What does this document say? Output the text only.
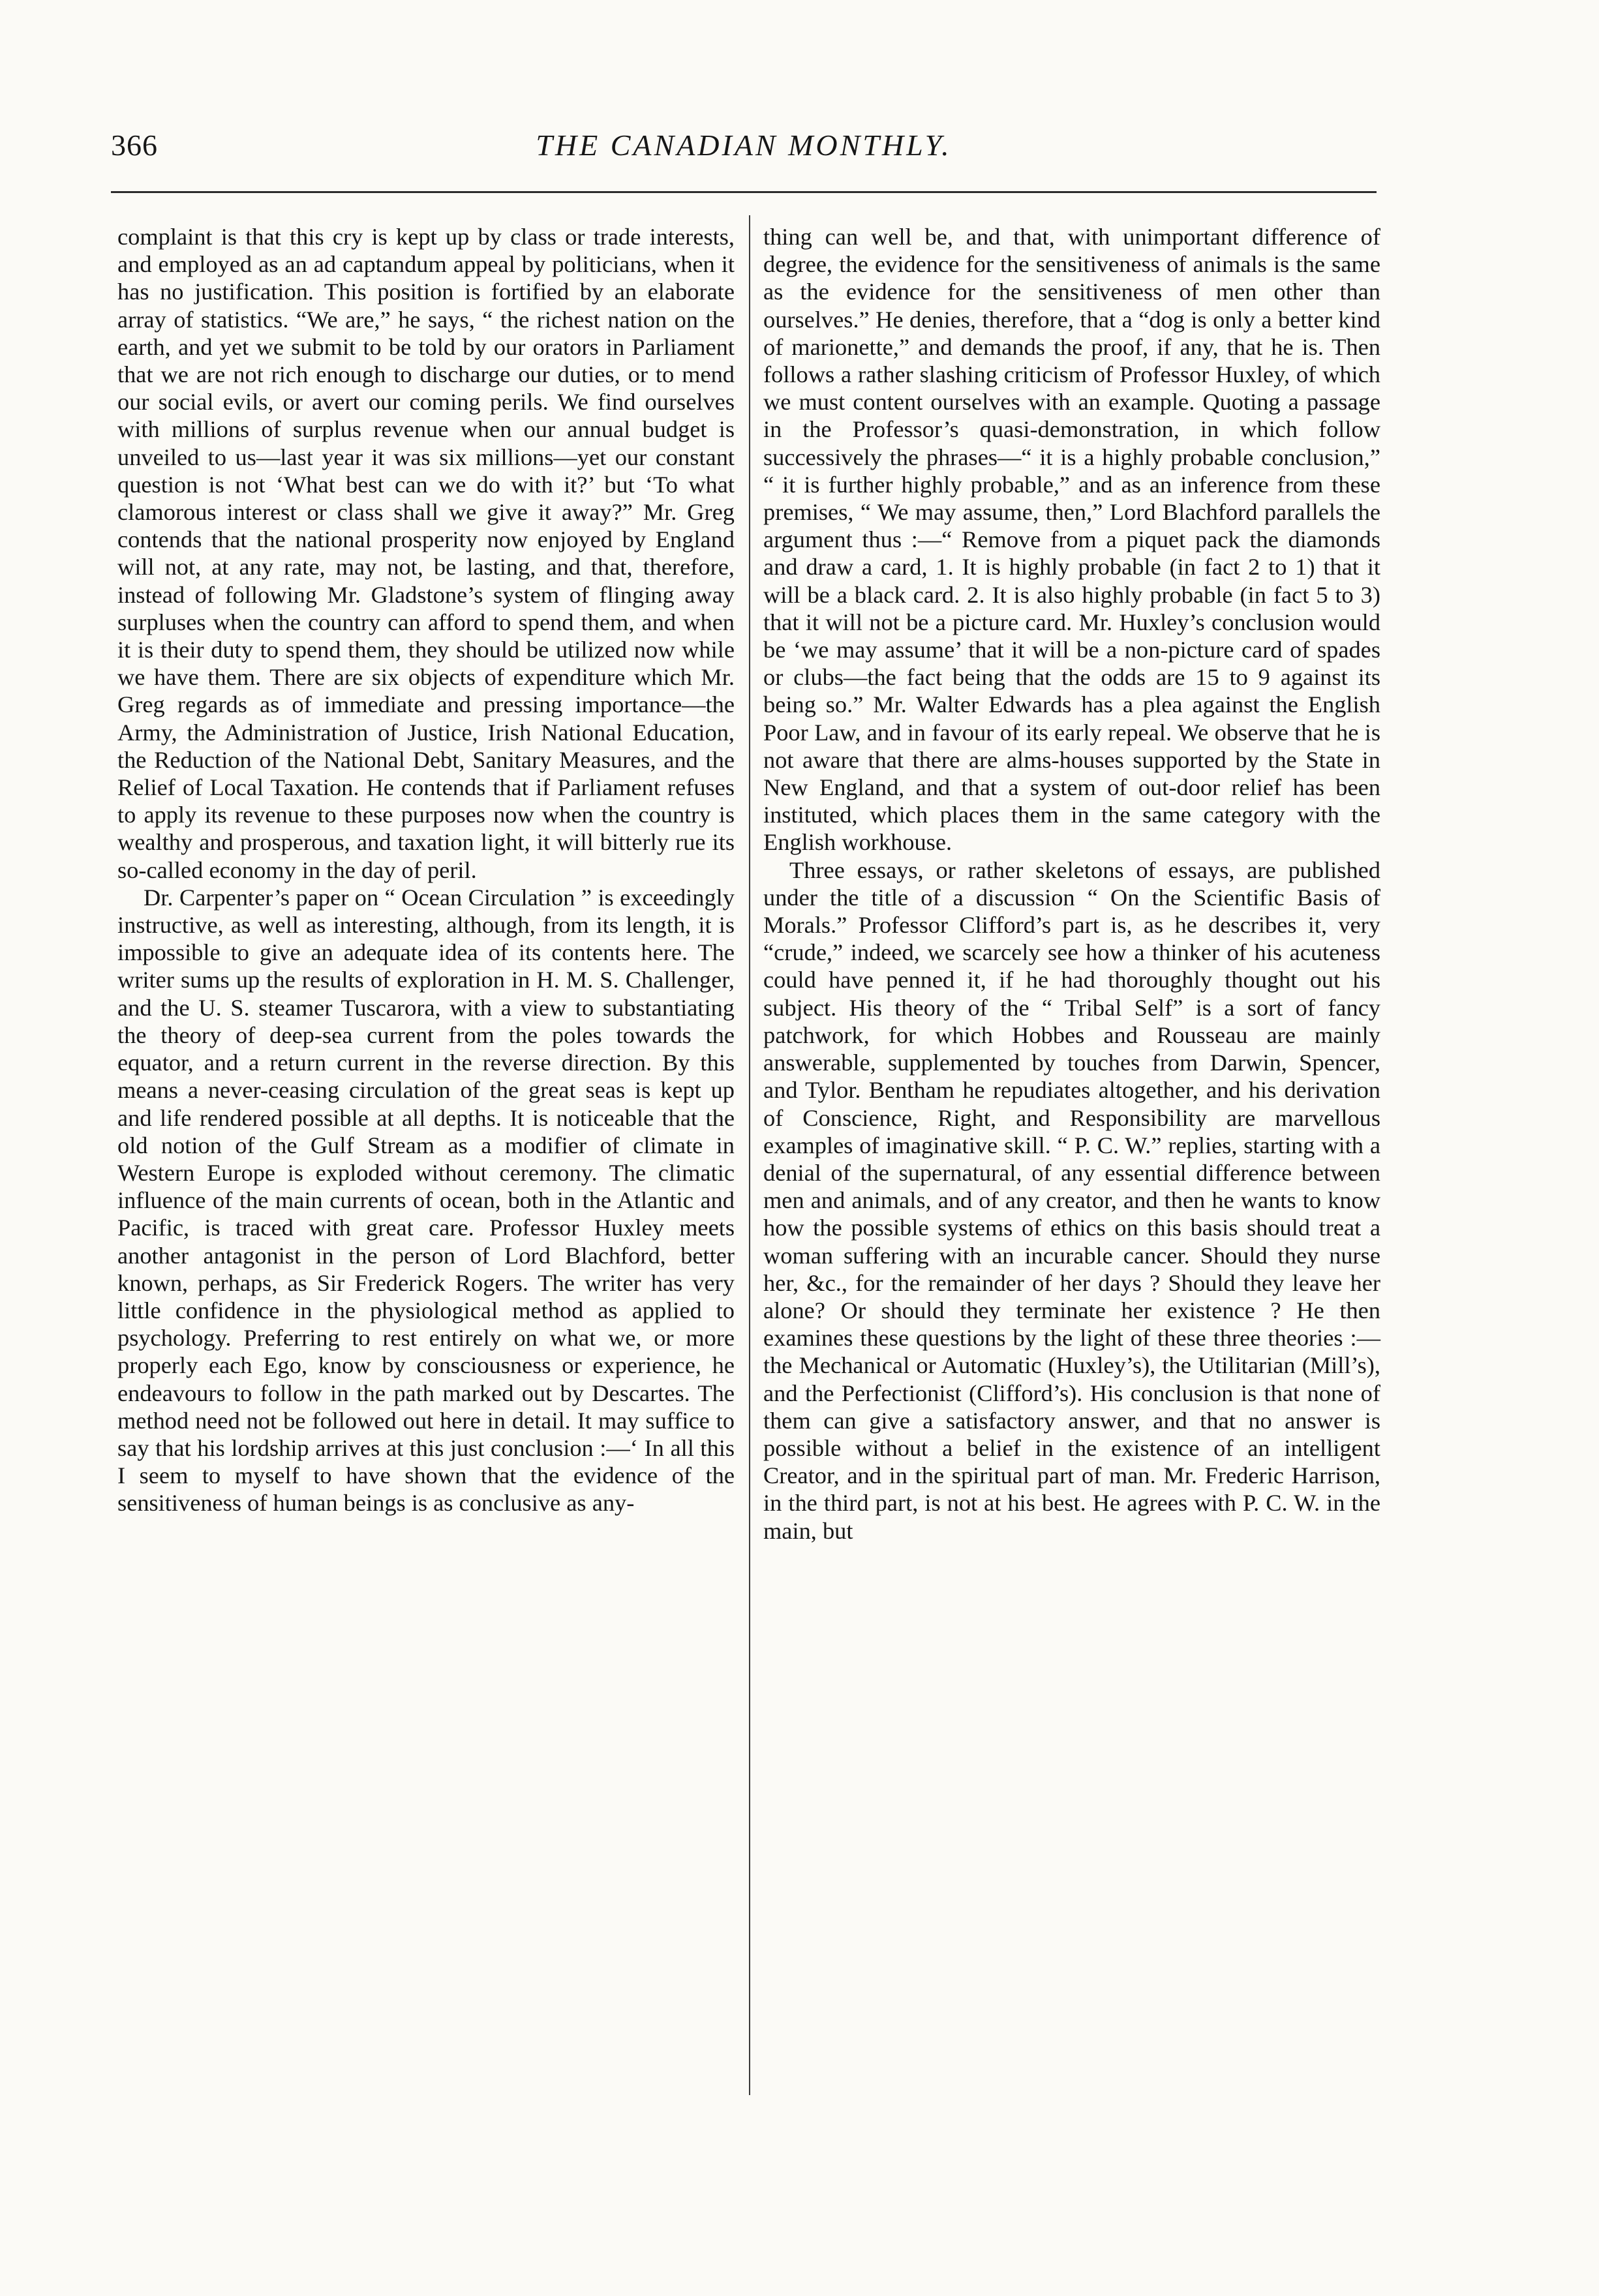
366	THE CANADIAN MONTHLY.

complaint is that this cry is kept up by class or trade interests, and employed as an ad captandum appeal by politicians, when it has no justification. This position is fortified by an elaborate array of statistics. “We are,” he says, “ the richest nation on the earth, and yet we submit to be told by our orators in Parliament that we are not rich enough to discharge our duties, or to mend our social evils, or avert our coming perils. We find ourselves with millions of surplus revenue when our annual budget is unveiled to us—last year it was six millions—yet our constant question is not ‘What best can we do with it?’ but ‘To what clamorous interest or class shall we give it away?” Mr. Greg contends that the national prosperity now enjoyed by England will not, at any rate, may not, be lasting, and that, therefore, instead of following Mr. Gladstone’s system of flinging away surpluses when the country can afford to spend them, and when it is their duty to spend them, they should be utilized now while we have them. There are six objects of expenditure which Mr. Greg regards as of immediate and pressing importance—the Army, the Administration of Justice, Irish National Education, the Reduction of the National Debt, Sanitary Measures, and the Relief of Local Taxation. He contends that if Parliament refuses to apply its revenue to these purposes now when the country is wealthy and prosperous, and taxation light, it will bitterly rue its so-called economy in the day of peril.

Dr. Carpenter’s paper on “ Ocean Circulation ” is exceedingly instructive, as well as interesting, although, from its length, it is impossible to give an adequate idea of its contents here. The writer sums up the results of exploration in H. M. S. Challenger, and the U. S. steamer Tuscarora, with a view to substantiating the theory of deep-sea current from the poles towards the equator, and a return current in the reverse direction. By this means a never-ceasing circulation of the great seas is kept up and life rendered possible at all depths. It is noticeable that the old notion of the Gulf Stream as a modifier of climate in Western Europe is exploded without ceremony. The climatic influence of the main currents of ocean, both in the Atlantic and Pacific, is traced with great care. Professor Huxley meets another antagonist in the person of Lord Blachford, better known, perhaps, as Sir Frederick Rogers. The writer has very little confidence in the physiological method as applied to psychology. Preferring to rest entirely on what we, or more properly each Ego, know by consciousness or experience, he endeavours to follow in the path marked out by Descartes. The method need not be followed out here in detail. It may suffice to say that his lordship arrives at this just conclusion :—‘ In all this I seem to myself to have shown that the evidence of the sensitiveness of human beings is as conclusive as any-

thing can well be, and that, with unimportant difference of degree, the evidence for the sensitiveness of animals is the same as the evidence for the sensitiveness of men other than ourselves.” He denies, therefore, that a “dog is only a better kind of marionette,” and demands the proof, if any, that he is. Then follows a rather slashing criticism of Professor Huxley, of which we must content ourselves with an example. Quoting a passage in the Professor’s quasi-demonstration, in which follow successively the phrases—“ it is a highly probable conclusion,” “ it is further highly probable,” and as an inference from these premises, “ We may assume, then,” Lord Blachford parallels the argument thus :—“ Remove from a piquet pack the diamonds and draw a card, 1. It is highly probable (in fact 2 to 1) that it will be a black card. 2. It is also highly probable (in fact 5 to 3) that it will not be a picture card. Mr. Huxley’s conclusion would be ‘we may assume’ that it will be a non-picture card of spades or clubs—the fact being that the odds are 15 to 9 against its being so.” Mr. Walter Edwards has a plea against the English Poor Law, and in favour of its early repeal. We observe that he is not aware that there are alms-houses supported by the State in New England, and that a system of out-door relief has been instituted, which places them in the same category with the English workhouse.

Three essays, or rather skeletons of essays, are published under the title of a discussion “ On the Scientific Basis of Morals.” Professor Clifford’s part is, as he describes it, very “crude,” indeed, we scarcely see how a thinker of his acuteness could have penned it, if he had thoroughly thought out his subject. His theory of the “ Tribal Self” is a sort of fancy patchwork, for which Hobbes and Rousseau are mainly answerable, supplemented by touches from Darwin, Spencer, and Tylor. Bentham he repudiates altogether, and his derivation of Conscience, Right, and Responsibility are marvellous examples of imaginative skill. “ P. C. W.” replies, starting with a denial of the supernatural, of any essential difference between men and animals, and of any creator, and then he wants to know how the possible systems of ethics on this basis should treat a woman suffering with an incurable cancer. Should they nurse her, &c., for the remainder of her days ? Should they leave her alone? Or should they terminate her existence ? He then examines these questions by the light of these three theories :—the Mechanical or Automatic (Huxley’s), the Utilitarian (Mill’s), and the Perfectionist (Clifford’s). His conclusion is that none of them can give a satisfactory answer, and that no answer is possible without a belief in the existence of an intelligent Creator, and in the spiritual part of man. Mr. Frederic Harrison, in the third part, is not at his best. He agrees with P. C. W. in the main, but
